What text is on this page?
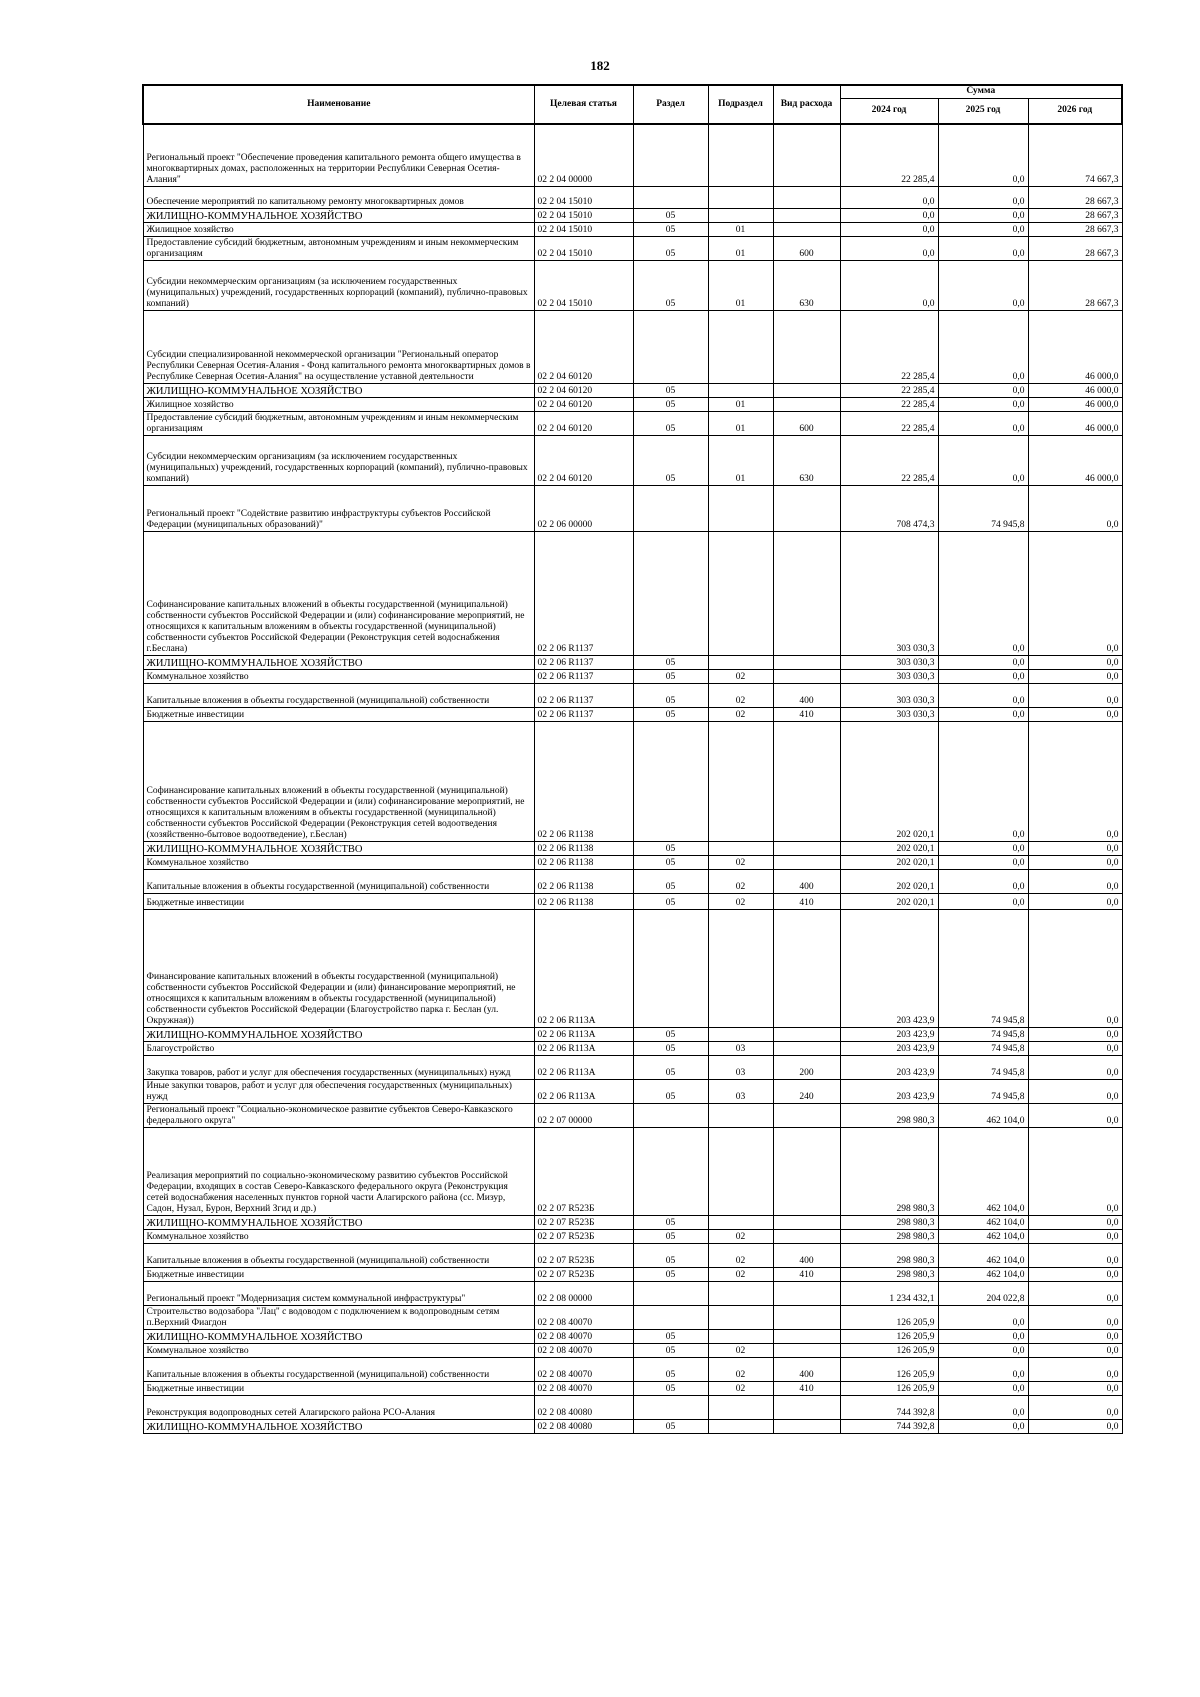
182
Наименование	Целевая статья	Раздел	Подраздел	Вид расхода	Сумма		
					2024 год	2025 год	2026 год
Региональный проект "Обеспечение проведения капитального ремонта общего имущества в многоквартирных домах, расположенных на территории Республики Северная Осетия-Алания"	02 2 04 00000				22 285,4	0,0	74 667,3
Обеспечение мероприятий по капитальному ремонту многоквартирных домов	02 2 04 15010				0,0	0,0	28 667,3
ЖИЛИЩНО-КОММУНАЛЬНОЕ ХОЗЯЙСТВО	02 2 04 15010	05			0,0	0,0	28 667,3
Жилищное хозяйство	02 2 04 15010	05	01		0,0	0,0	28 667,3
Предоставление субсидий бюджетным, автономным учреждениям и иным некоммерческим организациям	02 2 04 15010	05	01	600	0,0	0,0	28 667,3
Субсидии некоммерческим организациям (за исключением государственных (муниципальных) учреждений, государственных корпораций (компаний), публично-правовых компаний)	02 2 04 15010	05	01	630	0,0	0,0	28 667,3
Субсидии специализированной некоммерческой организации "Региональный оператор Республики Северная Осетия-Алания - Фонд капитального ремонта многоквартирных домов в Республике Северная Осетия-Алания" на осуществление уставной деятельности	02 2 04 60120				22 285,4	0,0	46 000,0
ЖИЛИЩНО-КОММУНАЛЬНОЕ ХОЗЯЙСТВО	02 2 04 60120	05			22 285,4	0,0	46 000,0
Жилищное хозяйство	02 2 04 60120	05	01		22 285,4	0,0	46 000,0
Предоставление субсидий бюджетным, автономным учреждениям и иным некоммерческим организациям	02 2 04 60120	05	01	600	22 285,4	0,0	46 000,0
Субсидии некоммерческим организациям (за исключением государственных (муниципальных) учреждений, государственных корпораций (компаний), публично-правовых компаний)	02 2 04 60120	05	01	630	22 285,4	0,0	46 000,0
Региональный проект "Содействие развитию инфраструктуры субъектов Российской Федерации (муниципальных образований)"	02 2 06 00000				708 474,3	74 945,8	0,0
Софинансирование капитальных вложений в объекты государственной (муниципальной) собственности субъектов Российской Федерации и (или) софинансирование мероприятий, не относящихся к капитальным вложениям в объекты государственной (муниципальной) собственности субъектов Российской Федерации (Реконструкция сетей водоснабжения г.Беслана)	02 2 06 R1137				303 030,3	0,0	0,0
ЖИЛИЩНО-КОММУНАЛЬНОЕ ХОЗЯЙСТВО	02 2 06 R1137	05			303 030,3	0,0	0,0
Коммунальное хозяйство	02 2 06 R1137	05	02		303 030,3	0,0	0,0
Капитальные вложения в объекты государственной (муниципальной) собственности	02 2 06 R1137	05	02	400	303 030,3	0,0	0,0
Бюджетные инвестиции	02 2 06 R1137	05	02	410	303 030,3	0,0	0,0
Софинансирование капитальных вложений в объекты государственной (муниципальной) собственности субъектов Российской Федерации и (или) софинансирование мероприятий, не относящихся к капитальным вложениям в объекты государственной (муниципальной) собственности субъектов Российской Федерации (Реконструкция сетей водоотведения (хозяйственно-бытовое водоотведение), г.Беслан)	02 2 06 R1138				202 020,1	0,0	0,0
ЖИЛИЩНО-КОММУНАЛЬНОЕ ХОЗЯЙСТВО	02 2 06 R1138	05			202 020,1	0,0	0,0
Коммунальное хозяйство	02 2 06 R1138	05	02		202 020,1	0,0	0,0
Капитальные вложения в объекты государственной (муниципальной) собственности	02 2 06 R1138	05	02	400	202 020,1	0,0	0,0
Бюджетные инвестиции	02 2 06 R1138	05	02	410	202 020,1	0,0	0,0
Финансирование капитальных вложений в объекты государственной (муниципальной) собственности субъектов Российской Федерации и (или) финансирование мероприятий, не относящихся к капитальным вложениям в объекты государственной (муниципальной) собственности субъектов Российской Федерации (Благоустройство парка г. Беслан (ул. Окружная))	02 2 06 R113A				203 423,9	74 945,8	0,0
ЖИЛИЩНО-КОММУНАЛЬНОЕ ХОЗЯЙСТВО	02 2 06 R113A	05			203 423,9	74 945,8	0,0
Благоустройство	02 2 06 R113A	05	03		203 423,9	74 945,8	0,0
Закупка товаров, работ и услуг для обеспечения государственных (муниципальных) нужд	02 2 06 R113A	05	03	200	203 423,9	74 945,8	0,0
Иные закупки товаров, работ и услуг для обеспечения государственных (муниципальных) нужд	02 2 06 R113A	05	03	240	203 423,9	74 945,8	0,0
Региональный проект "Социально-экономическое развитие субъектов Северо-Кавказского федерального округа"	02 2 07 00000				298 980,3	462 104,0	0,0
Реализация мероприятий по социально-экономическому развитию субъектов Российской Федерации, входящих в состав Северо-Кавказского федерального округа (Реконструкция сетей водоснабжения населенных пунктов горной части Алагирского района (сс. Мизур, Садон, Нузал, Бурон, Верхний Згид и др.)	02 2 07 R523Б				298 980,3	462 104,0	0,0
ЖИЛИЩНО-КОММУНАЛЬНОЕ ХОЗЯЙСТВО	02 2 07 R523Б	05			298 980,3	462 104,0	0,0
Коммунальное хозяйство	02 2 07 R523Б	05	02		298 980,3	462 104,0	0,0
Капитальные вложения в объекты государственной (муниципальной) собственности	02 2 07 R523Б	05	02	400	298 980,3	462 104,0	0,0
Бюджетные инвестиции	02 2 07 R523Б	05	02	410	298 980,3	462 104,0	0,0
Региональный проект "Модернизация систем коммунальной инфраструктуры"	02 2 08 00000				1 234 432,1	204 022,8	0,0
Строительство водозабора "Лац" с водоводом с подключением к водопроводным сетям п.Верхний Фиагдон	02 2 08 40070				126 205,9	0,0	0,0
ЖИЛИЩНО-КОММУНАЛЬНОЕ ХОЗЯЙСТВО	02 2 08 40070	05			126 205,9	0,0	0,0
Коммунальное хозяйство	02 2 08 40070	05	02		126 205,9	0,0	0,0
Капитальные вложения в объекты государственной (муниципальной) собственности	02 2 08 40070	05	02	400	126 205,9	0,0	0,0
Бюджетные инвестиции	02 2 08 40070	05	02	410	126 205,9	0,0	0,0
Реконструкция водопроводных сетей Алагирского района РСО-Алания	02 2 08 40080				744 392,8	0,0	0,0
ЖИЛИЩНО-КОММУНАЛЬНОЕ ХОЗЯЙСТВО	02 2 08 40080	05			744 392,8	0,0	0,0
